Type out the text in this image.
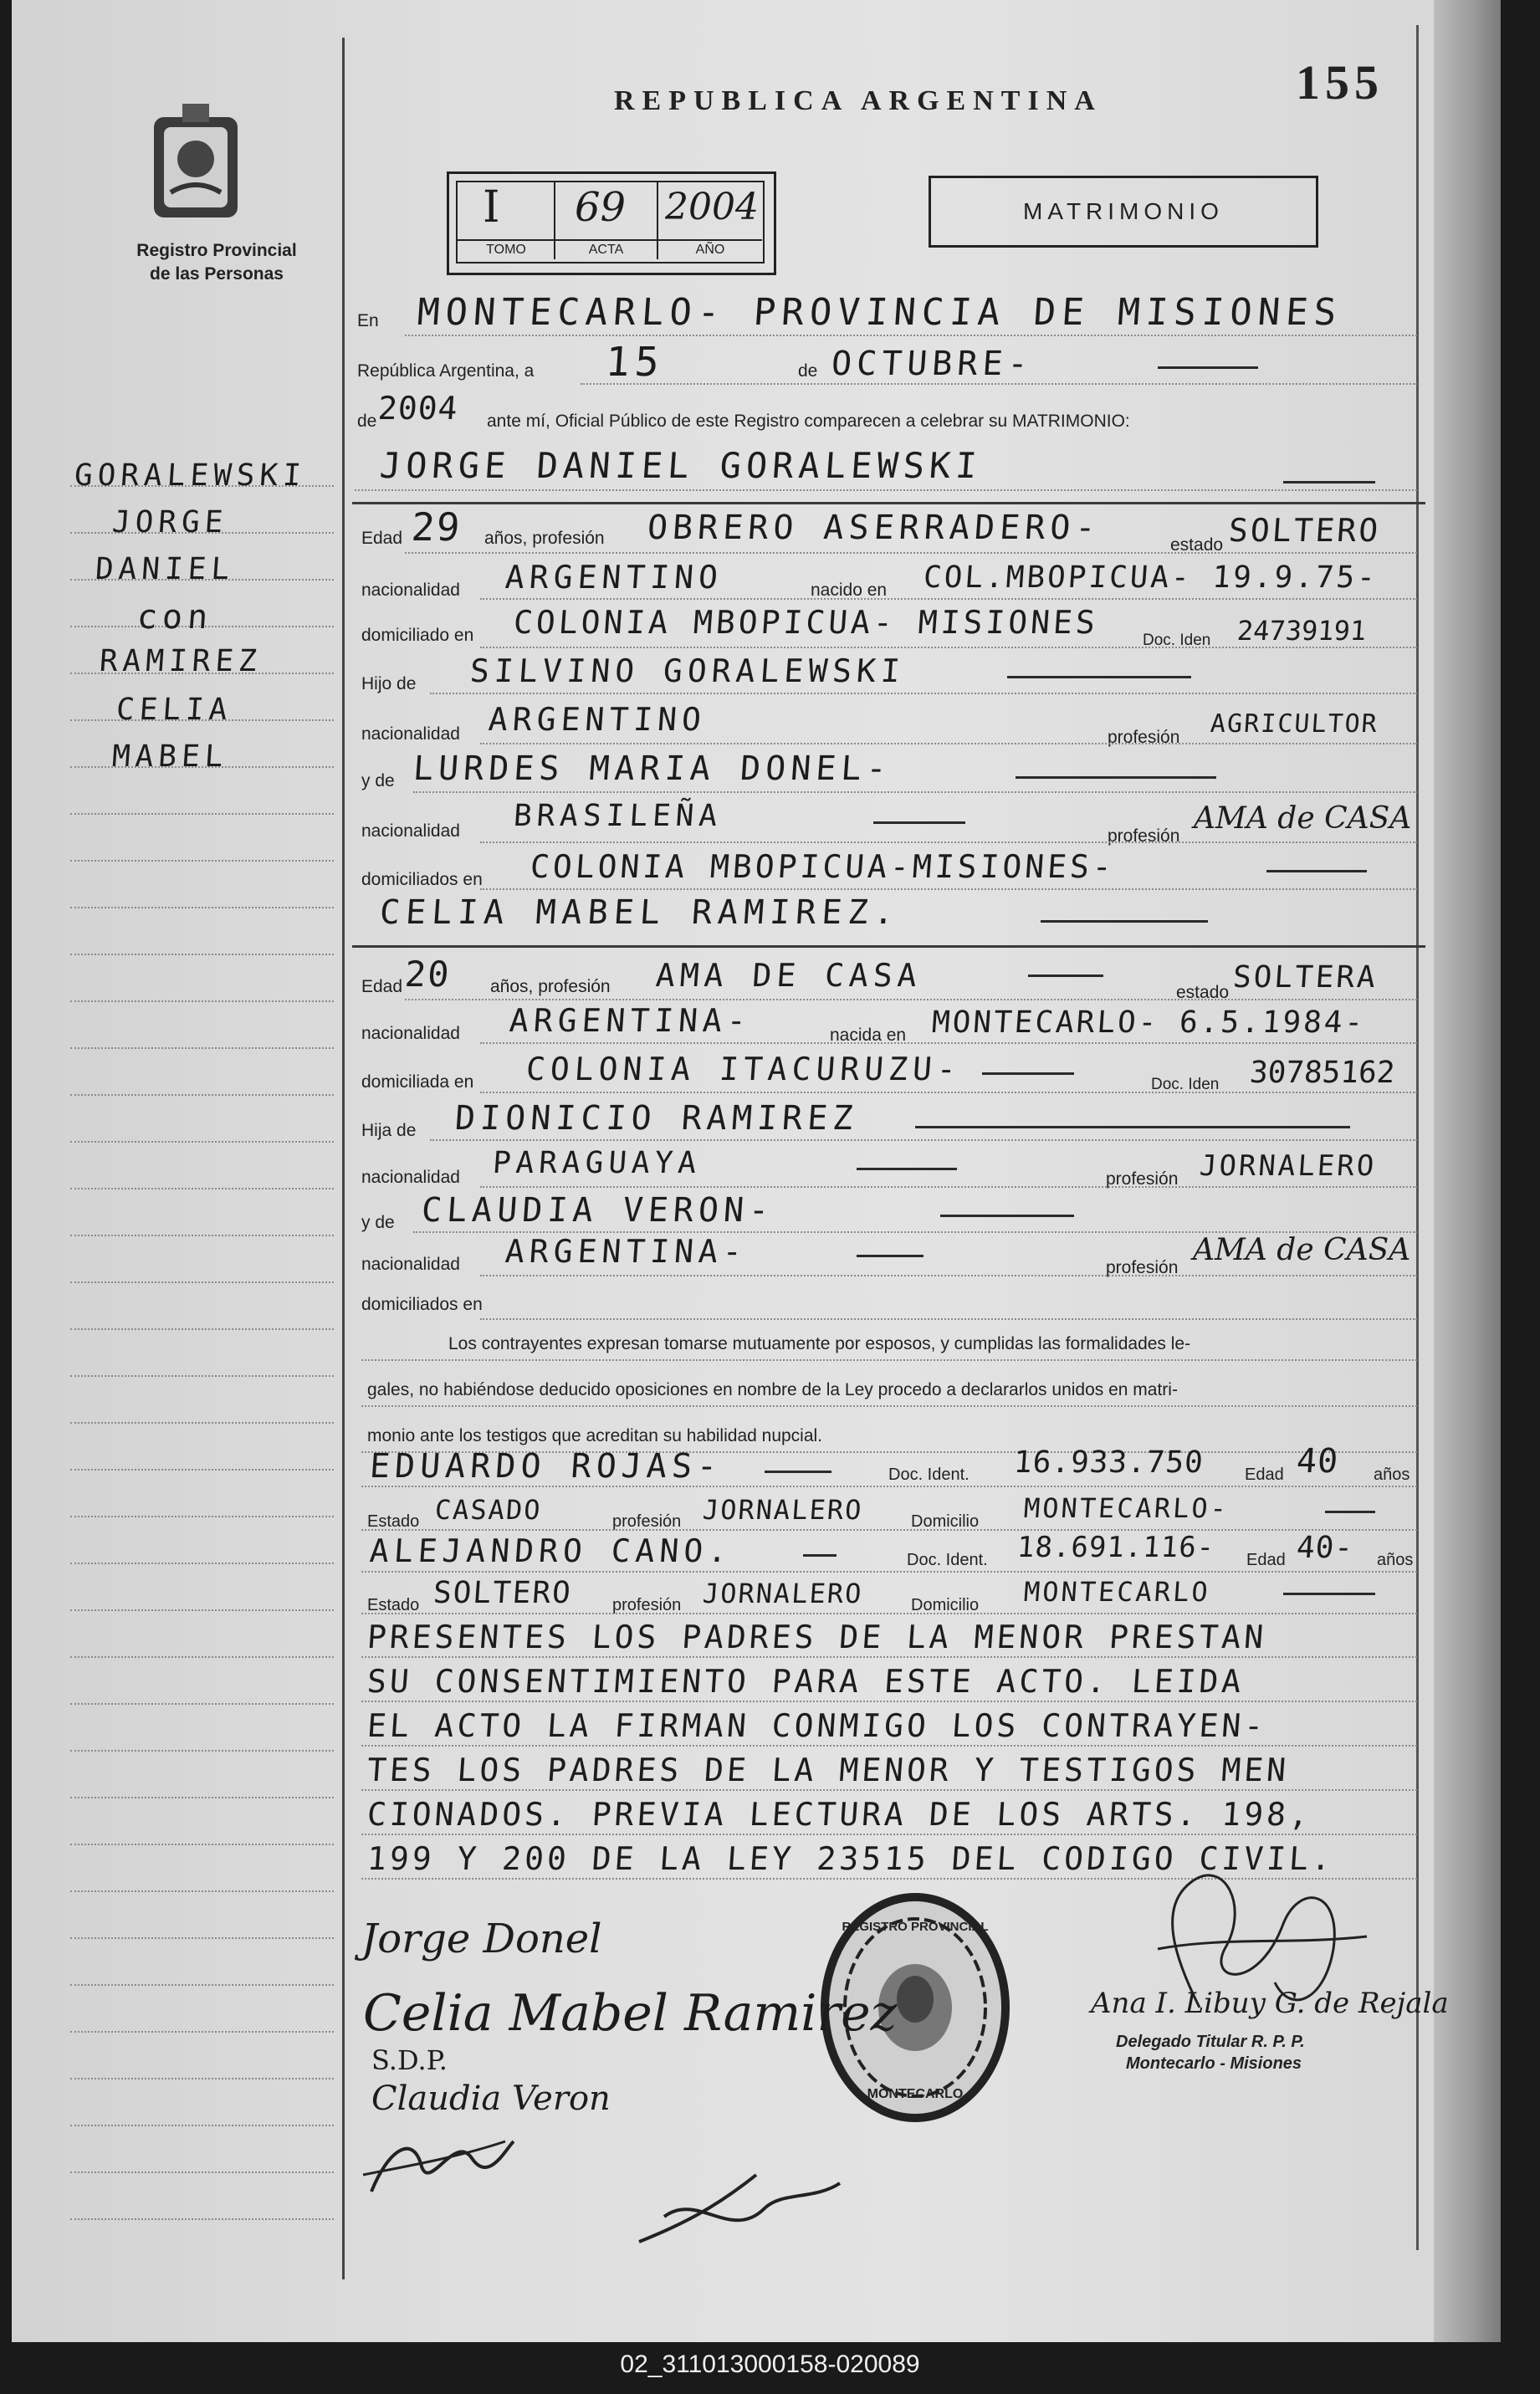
REPUBLICA ARGENTINA	155
Registro Provincial
de las Personas
I 69 2004
TOMO	ACTA	AÑO
MATRIMONIO
GORALEWSKI
JORGE
DANIEL
con
RAMIREZ
CELIA
MABEL
En MONTECARLO- PROVINCIA DE MISIONES
República Argentina, a 15	de OCTUBRE-
de 2004 ante mí, Oficial Público de este Registro comparecen a celebrar su MATRIMONIO:
JORGE DANIEL GORALEWSKI
Edad 29 años, profesión OBRERO ASERRADERO-	estado SOLTERO
nacionalidad ARGENTINO	nacido en COL.MBOPICUA- 19.9.75-
domiciliado en COLONIA MBOPICUA- MISIONES	Doc. Iden 24739191
Hijo de SILVINO GORALEWSKI
nacionalidad ARGENTINO	profesión AGRICULTOR
y de LURDES MARIA DONEL-
nacionalidad BRASILEÑA
profesión
AMA de CASA
domiciliados en COLONIA MBOPICUA-MISIONES-
CELIA MABEL RAMIREZ.
Edad 20 años, profesión AMA DE CASA	estado SOLTERA
nacionalidad ARGENTINA-	nacida en MONTECARLO- 6.5.1984-
domiciliada en COLONIA ITACURUZU-	Doc. Iden 30785162
Hija de DIONICIO RAMIREZ
nacionalidad PARAGUAYA	profesión JORNALERO
y de CLAUDIA VERON-
nacionalidad ARGENTINA-	profesión
AMA de CASA
domiciliados en
Los contrayentes expresan tomarse mutuamente por esposos, y cumplidas las formalidades le-
gales, no habiéndose deducido oposiciones en nombre de la Ley procedo a declararlos unidos en matri-
monio ante los testigos que acreditan su habilidad nupcial.
EDUARDO ROJAS-	Doc. Ident. 16.933.750 Edad 40 años
Estado CASADO	profesión JORNALERO	Domicilio MONTECARLO-
ALEJANDRO CANO.	Doc. Ident. 18.691.116- Edad 40- años
Estado SOLTERO profesión JORNALERO	Domicilio MONTECARLO
PRESENTES LOS PADRES DE LA MENOR PRESTAN
SU CONSENTIMIENTO PARA ESTE ACTO. LEIDA
EL ACTO LA FIRMAN CONMIGO LOS CONTRAYEN-
TES LOS PADRES DE LA MENOR Y TESTIGOS MEN
CIONADOS. PREVIA LECTURA DE LOS ARTS. 198,
199 Y 200 DE LA LEY 23515 DEL CODIGO CIVIL.
REGISTRO PROVINCIAL
MONTECARLO
Ana I. Libuy G. de Rejala
Delegado Titular R. P. P.
Montecarlo - Misiones
Jorge Donel
Celia Mabel Ramirez
S.D.P.
Claudia Veron
02_311013000158-020089
